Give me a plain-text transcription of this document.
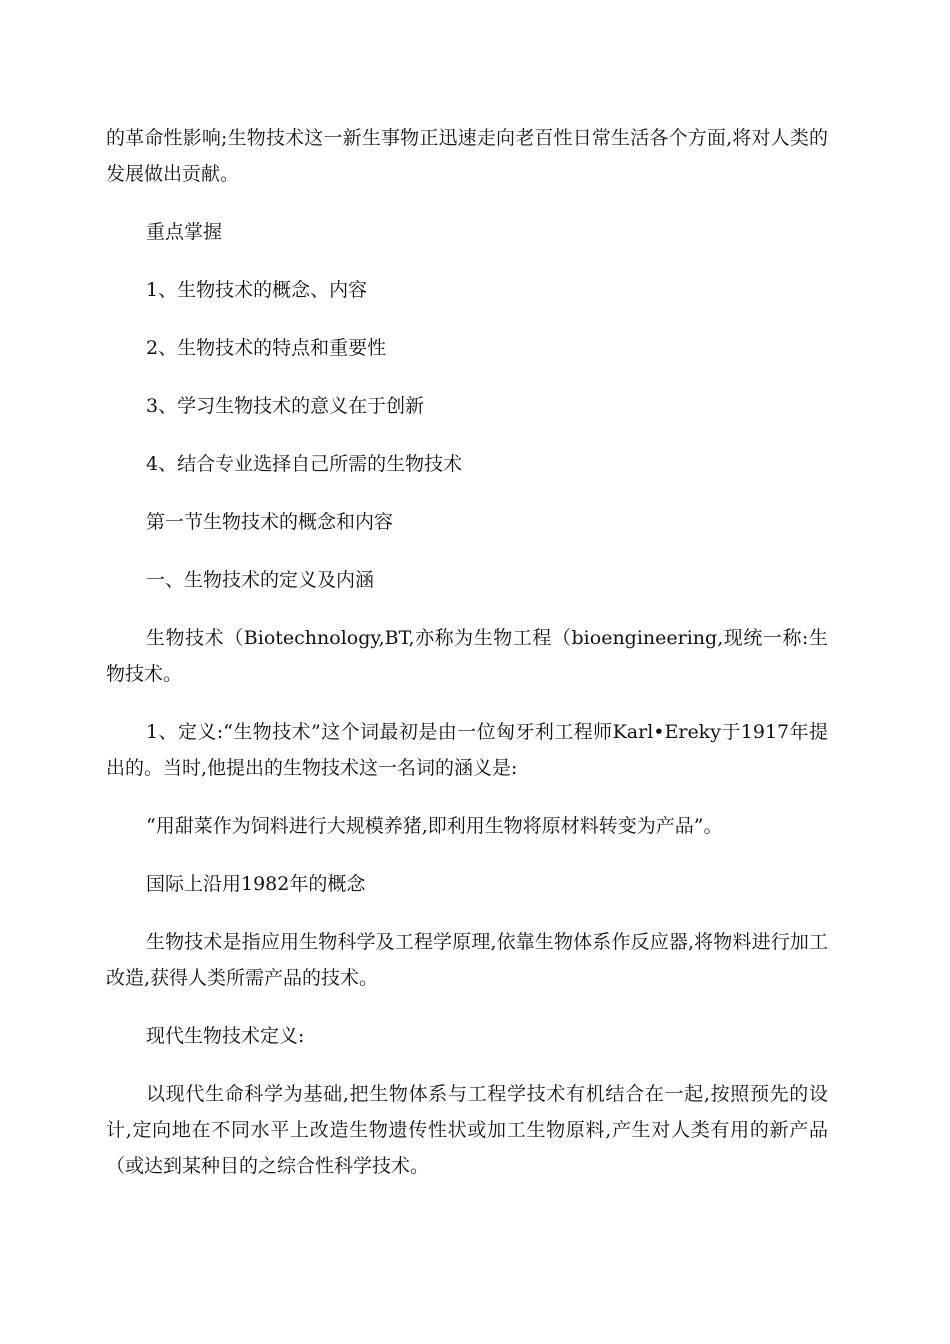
的革命性影响;生物技术这一新生事物正迅速走向老百性日常生活各个方面,将对人类的发展做出贡献。

重点掌握

1、生物技术的概念、内容

2、生物技术的特点和重要性

3、学习生物技术的意义在于创新

4、结合专业选择自己所需的生物技术

第一节生物技术的概念和内容

一、生物技术的定义及内涵

生物技术（Biotechnology,BT,亦称为生物工程（bioengineering,现统一称:生物技术。

1、定义:“生物技术”这个词最初是由一位匈牙利工程师Karl•Ereky于1917年提出的。当时,他提出的生物技术这一名词的涵义是:

“用甜菜作为饲料进行大规模养猪,即利用生物将原材料转变为产品”。

国际上沿用1982年的概念

生物技术是指应用生物科学及工程学原理,依靠生物体系作反应器,将物料进行加工改造,获得人类所需产品的技术。

现代生物技术定义:

以现代生命科学为基础,把生物体系与工程学技术有机结合在一起,按照预先的设计,定向地在不同水平上改造生物遗传性状或加工生物原料,产生对人类有用的新产品（或达到某种目的之综合性科学技术。
